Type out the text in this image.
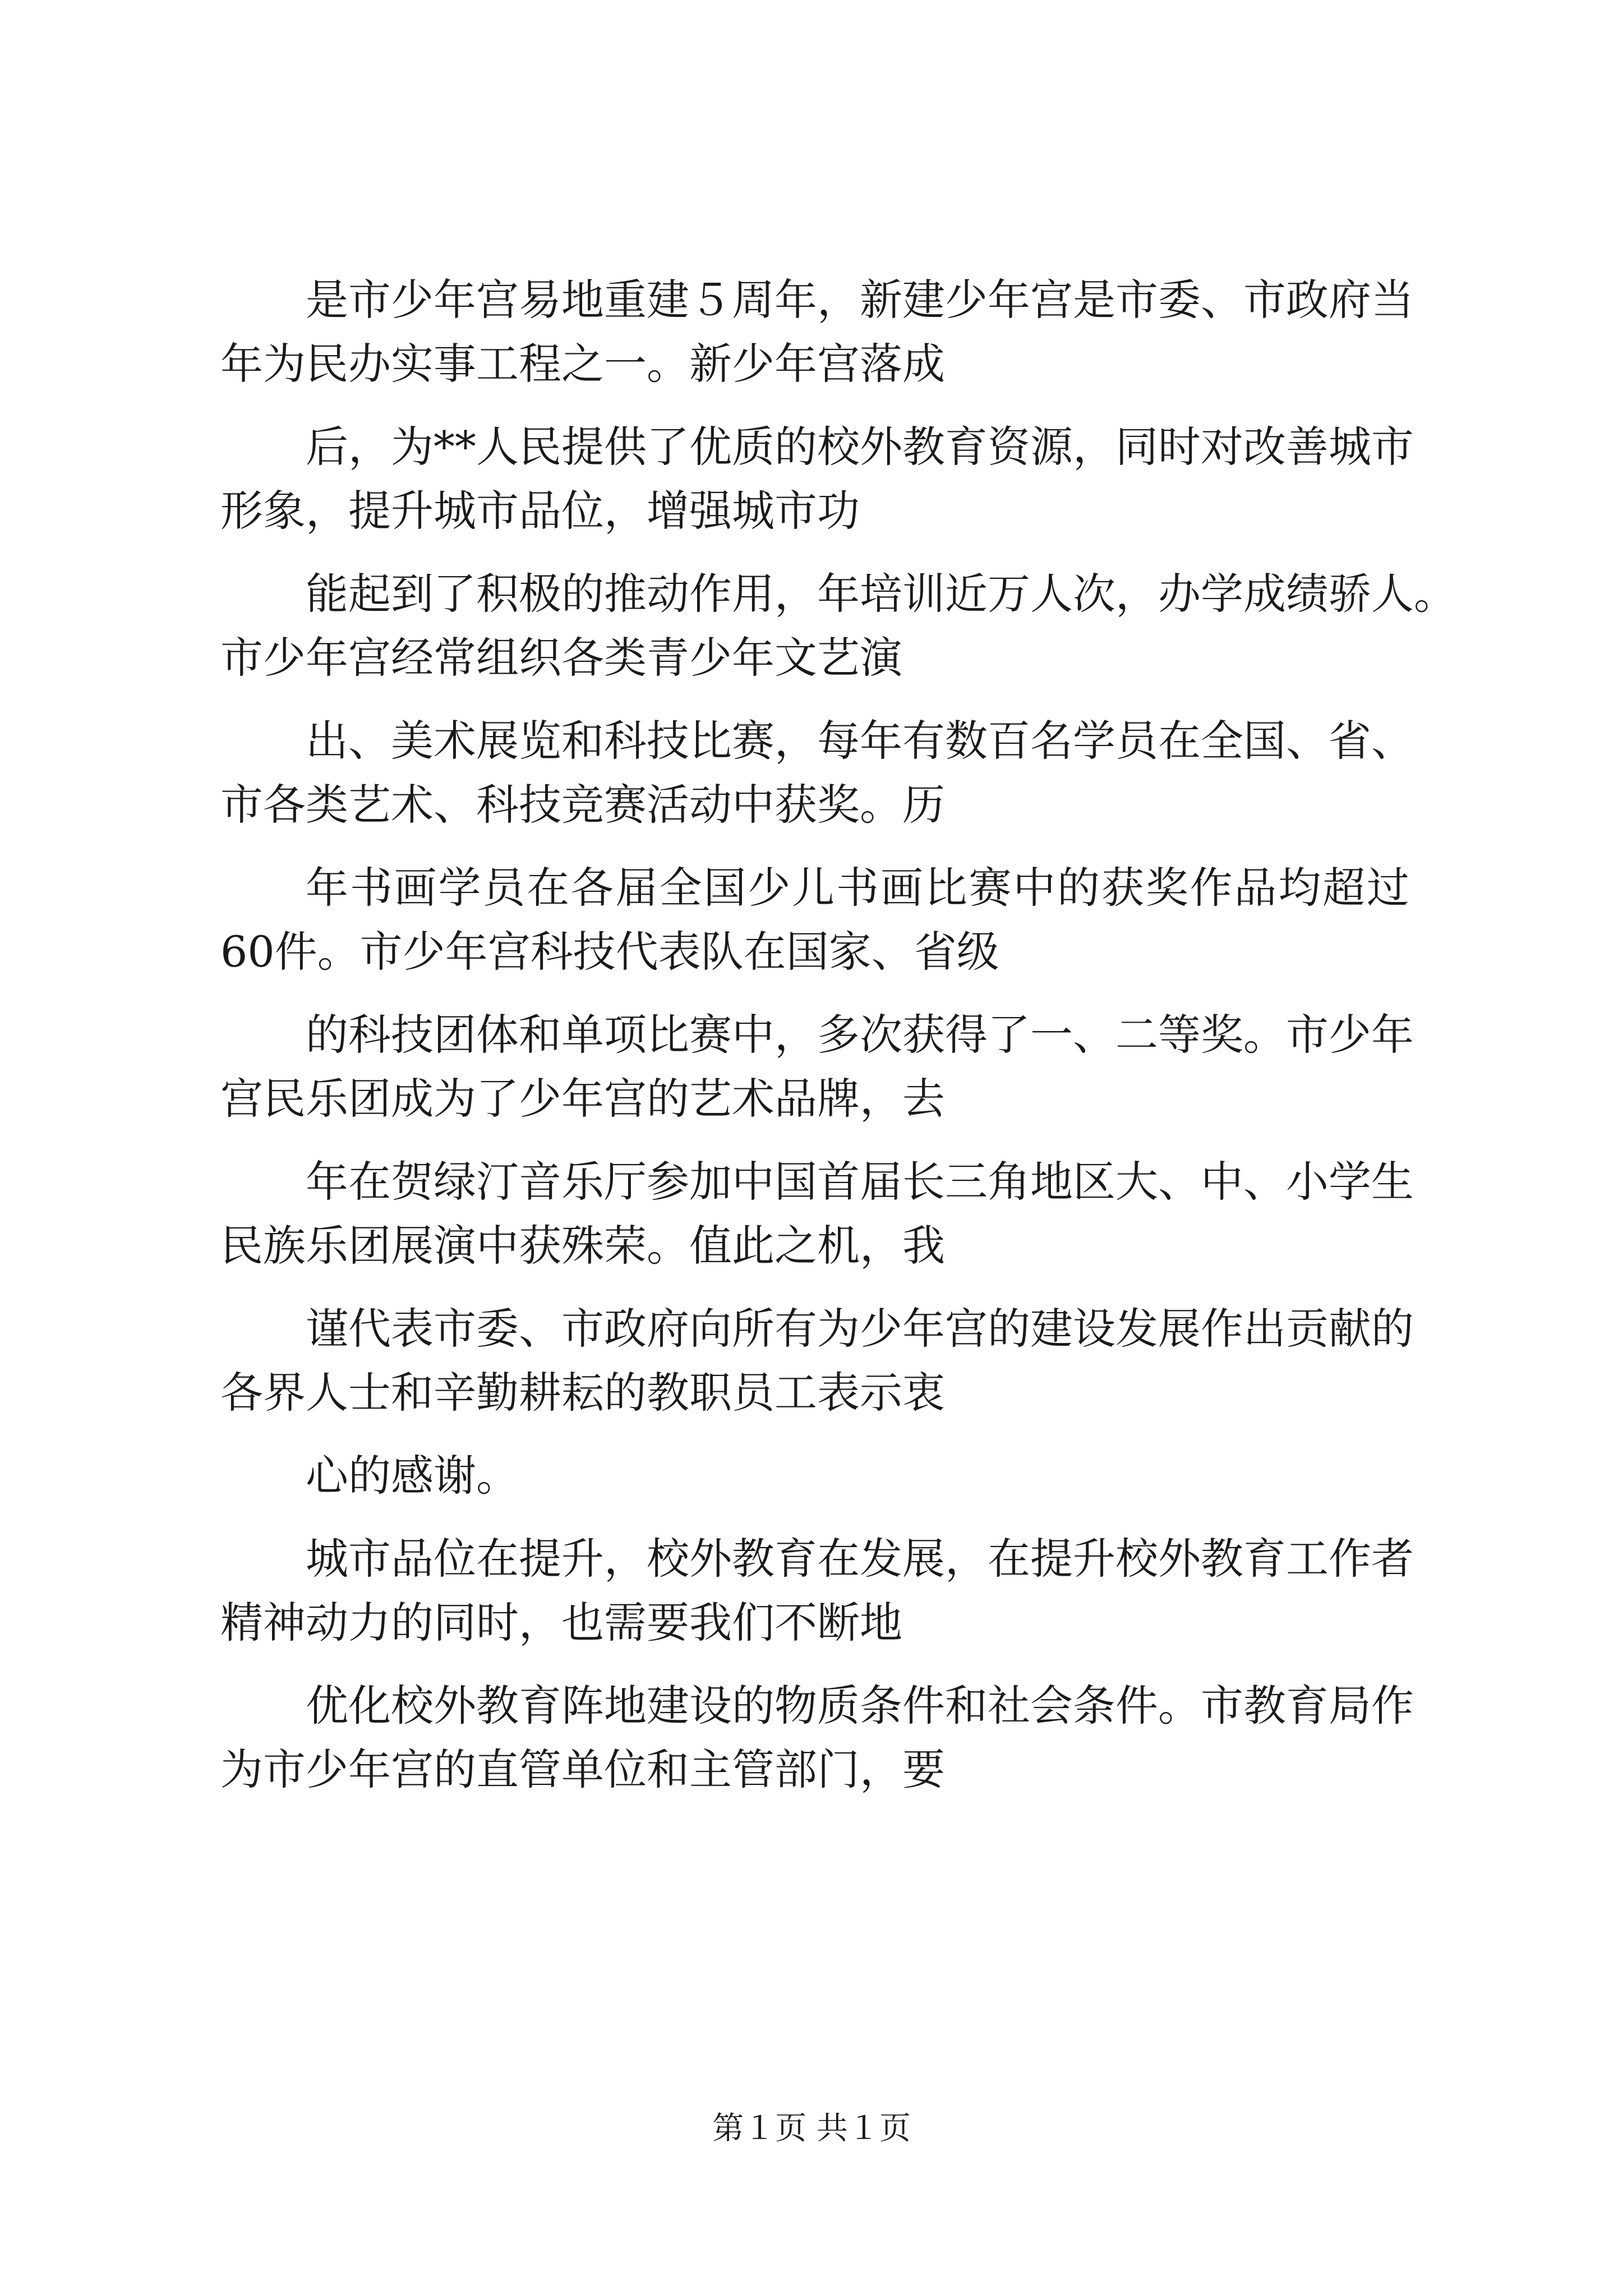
是市少年宫易地重建５周年，新建少年宫是市委、市政府当
年为民办实事工程之一。新少年宫落成
后，为**人民提供了优质的校外教育资源，同时对改善城市
形象，提升城市品位，增强城市功
能起到了积极的推动作用，年培训近万人次，办学成绩骄人。
市少年宫经常组织各类青少年文艺演
出、美术展览和科技比赛，每年有数百名学员在全国、省、
市各类艺术、科技竞赛活动中获奖。历
年书画学员在各届全国少儿书画比赛中的获奖作品均超过
60件。市少年宫科技代表队在国家、省级
的科技团体和单项比赛中，多次获得了一、二等奖。市少年
宫民乐团成为了少年宫的艺术品牌，去
年在贺绿汀音乐厅参加中国首届长三角地区大、中、小学生
民族乐团展演中获殊荣。值此之机，我
谨代表市委、市政府向所有为少年宫的建设发展作出贡献的
各界人士和辛勤耕耘的教职员工表示衷
心的感谢。
城市品位在提升，校外教育在发展，在提升校外教育工作者
精神动力的同时，也需要我们不断地
优化校外教育阵地建设的物质条件和社会条件。市教育局作
为市少年宫的直管单位和主管部门，要
第１页 共１页
